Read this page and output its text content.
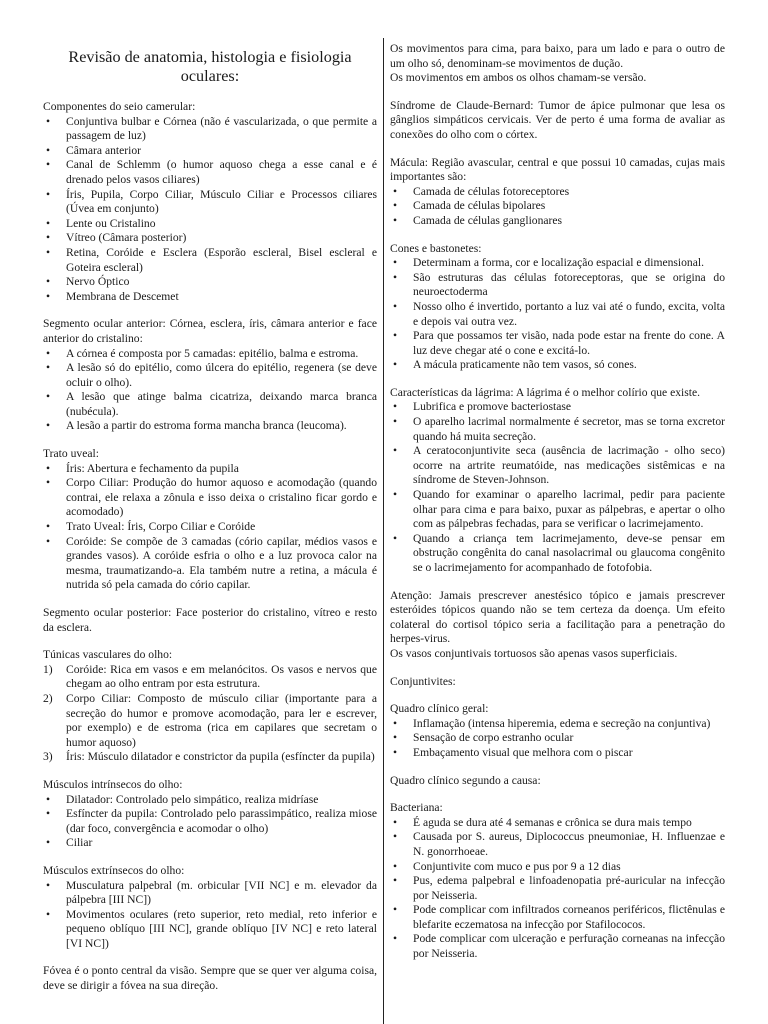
Revisão de anatomia, histologia e fisiologia oculares:

Componentes do seio camerular:

• Conjuntiva bulbar e Córnea (não é vascularizada, o que permite a passagem de luz)
• Câmara anterior
• Canal de Schlemm (o humor aquoso chega a esse canal e é drenado pelos vasos ciliares)
• Íris, Pupila, Corpo Ciliar, Músculo Ciliar e Processos ciliares (Úvea em conjunto)
• Lente ou Cristalino
• Vítreo (Câmara posterior)
• Retina, Coróide e Esclera (Esporão escleral, Bisel escleral e Goteira escleral)
• Nervo Óptico
• Membrana de Descemet

Segmento ocular anterior: Córnea, esclera, íris, câmara anterior e face anterior do cristalino:

• A córnea é composta por 5 camadas: epitélio, balma e estroma.
• A lesão só do epitélio, como úlcera do epitélio, regenera (se deve ocluir o olho).
• A lesão que atinge balma cicatriza, deixando marca branca (nubécula).
• A lesão a partir do estroma forma mancha branca (leucoma).

Trato uveal:

• Íris: Abertura e fechamento da pupila
• Corpo Ciliar: Produção do humor aquoso e acomodação (quando contrai, ele relaxa a zônula e isso deixa o cristalino ficar gordo e acomodado)
• Trato Uveal: Íris, Corpo Ciliar e Coróide
• Coróide: Se compõe de 3 camadas (cório capilar, médios vasos e grandes vasos). A coróide esfria o olho e a luz provoca calor na mesma, traumatizando-a. Ela também nutre a retina, a mácula é nutrida só pela camada do cório capilar.

Segmento ocular posterior: Face posterior do cristalino, vítreo e resto da esclera.

Túnicas vasculares do olho:

1) Coróide: Rica em vasos e em melanócitos. Os vasos e nervos que chegam ao olho entram por esta estrutura.
2) Corpo Ciliar: Composto de músculo ciliar (importante para a secreção do humor e promove acomodação, para ler e escrever, por exemplo) e de estroma (rica em capilares que secretam o humor aquoso)
3) Íris: Músculo dilatador e constrictor da pupila (esfíncter da pupila)

Músculos intrínsecos do olho:

• Dilatador: Controlado pelo simpático, realiza midríase
• Esfíncter da pupila: Controlado pelo parassimpático, realiza miose (dar foco, convergência e acomodar o olho)
• Ciliar

Músculos extrínsecos do olho:

• Musculatura palpebral (m. orbicular [VII NC] e m. elevador da pálpebra [III NC])
• Movimentos oculares (reto superior, reto medial, reto inferior e pequeno oblíquo [III NC], grande oblíquo [IV NC] e reto lateral [VI NC])

Fóvea é o ponto central da visão. Sempre que se quer ver alguma coisa, deve se dirigir a fóvea na sua direção.

Os movimentos para cima, para baixo, para um lado e para o outro de um olho só, denominam-se movimentos de dução.

Os movimentos em ambos os olhos chamam-se versão.

Síndrome de Claude-Bernard: Tumor de ápice pulmonar que lesa os gânglios simpáticos cervicais. Ver de perto é uma forma de avaliar as conexões do olho com o córtex.

Mácula: Região avascular, central e que possui 10 camadas, cujas mais importantes são:

• Camada de células fotoreceptores
• Camada de células bipolares
• Camada de células ganglionares

Cones e bastonetes:

• Determinam a forma, cor e localização espacial e dimensional.
• São estruturas das células fotoreceptoras, que se origina do neuroectoderma
• Nosso olho é invertido, portanto a luz vai até o fundo, excita, volta e depois vai outra vez.
• Para que possamos ter visão, nada pode estar na frente do cone. A luz deve chegar até o cone e excitá-lo.
• A mácula praticamente não tem vasos, só cones.

Características da lágrima: A lágrima é o melhor colírio que existe.

• Lubrifica e promove bacteriostase
• O aparelho lacrimal normalmente é secretor, mas se torna excretor quando há muita secreção.
• A ceratoconjuntivite seca (ausência de lacrimação - olho seco) ocorre na artrite reumatóide, nas medicações sistêmicas e na síndrome de Steven-Johnson.
• Quando for examinar o aparelho lacrimal, pedir para paciente olhar para cima e para baixo, puxar as pálpebras, e apertar o olho com as pálpebras fechadas, para se verificar o lacrimejamento.
• Quando a criança tem lacrimejamento, deve-se pensar em obstrução congênita do canal nasolacrimal ou glaucoma congênito se o lacrimejamento for acompanhado de fotofobia.

Atenção: Jamais prescrever anestésico tópico e jamais prescrever esteróides tópicos quando não se tem certeza da doença. Um efeito colateral do cortisol tópico seria a facilitação para a penetração do herpes-virus.

Os vasos conjuntivais tortuosos são apenas vasos superficiais.

Conjuntivites:

Quadro clínico geral:

• Inflamação (intensa hiperemia, edema e secreção na conjuntiva)
• Sensação de corpo estranho ocular
• Embaçamento visual que melhora com o piscar

Quadro clínico segundo a causa:

Bacteriana:

• É aguda se dura até 4 semanas e crônica se dura mais tempo
• Causada por S. aureus, Diplococcus pneumoniae, H. Influenzae e N. gonorrhoeae.
• Conjuntivite com muco e pus por 9 a 12 dias
• Pus, edema palpebral e linfoadenopatia pré-auricular na infecção por Neisseria.
• Pode complicar com infiltrados corneanos periféricos, flictênulas e blefarite eczematosa na infecção por Stafilococos.
• Pode complicar com ulceração e perfuração corneanas na infecção por Neisseria.
